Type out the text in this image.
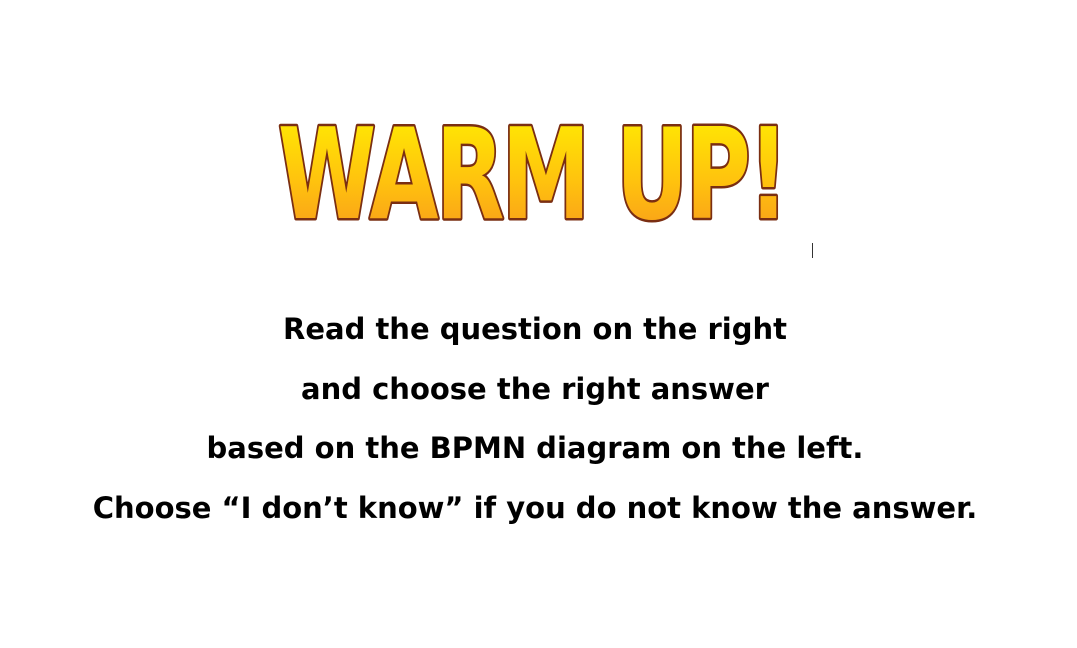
WARM UP!
Read the question on the right
and choose the right answer
based on the BPMN diagram on the left.
Choose “I don’t know” if you do not know the answer.
